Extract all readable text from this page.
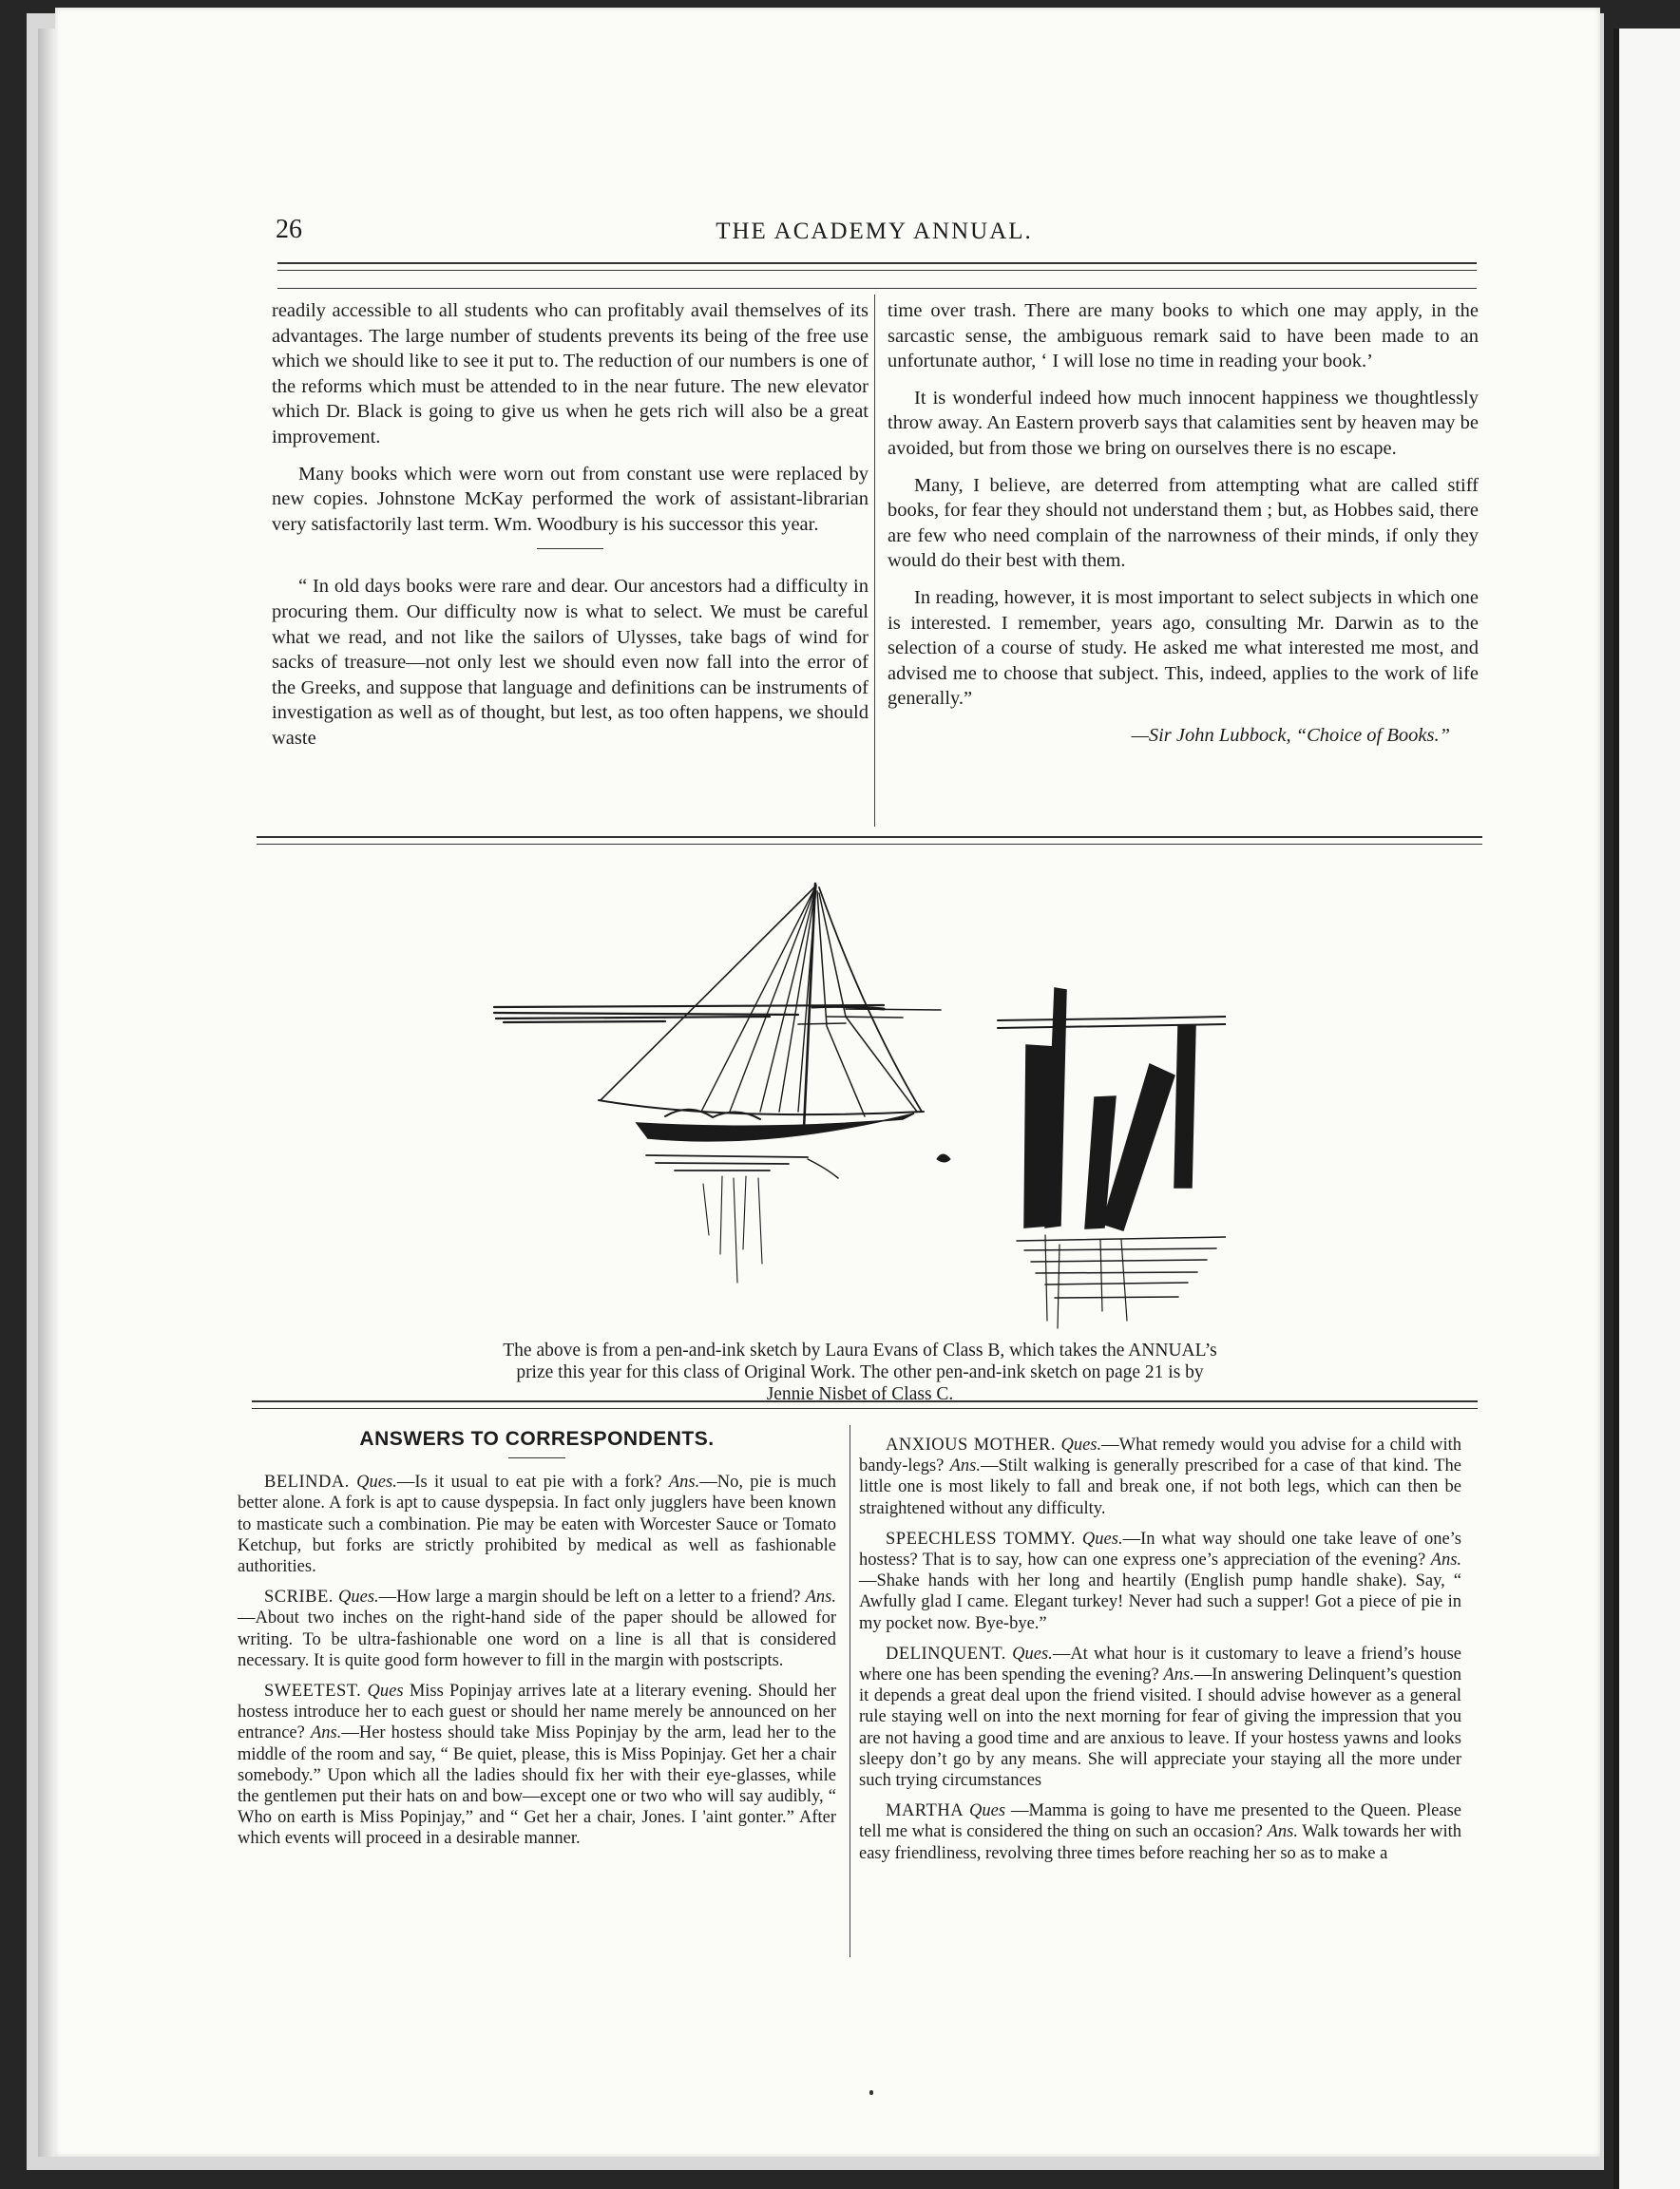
26	THE ACADEMY ANNUAL.

readily accessible to all students who can profitably avail themselves of its advantages. The large number of students prevents its being of the free use which we should like to see it put to. The reduction of our numbers is one of the reforms which must be attended to in the near future. The new elevator which Dr. Black is going to give us when he gets rich will also be a great improvement.

Many books which were worn out from constant use were replaced by new copies. Johnstone McKay performed the work of assistant-librarian very satisfactorily last term. Wm. Woodbury is his successor this year.

“ In old days books were rare and dear. Our ancestors had a difficulty in procuring them. Our difficulty now is what to select. We must be careful what we read, and not like the sailors of Ulysses, take bags of wind for sacks of treasure—not only lest we should even now fall into the error of the Greeks, and suppose that language and definitions can be instruments of investigation as well as of thought, but lest, as too often happens, we should waste

time over trash. There are many books to which one may apply, in the sarcastic sense, the ambiguous remark said to have been made to an unfortunate author, ‘ I will lose no time in reading your book.’

It is wonderful indeed how much innocent happiness we thoughtlessly throw away. An Eastern proverb says that calamities sent by heaven may be avoided, but from those we bring on ourselves there is no escape.

Many, I believe, are deterred from attempting what are called stiff books, for fear they should not understand them ; but, as Hobbes said, there are few who need complain of the narrowness of their minds, if only they would do their best with them.

In reading, however, it is most important to select subjects in which one is interested. I remember, years ago, consulting Mr. Darwin as to the selection of a course of study. He asked me what interested me most, and advised me to choose that subject. This, indeed, applies to the work of life generally.”

—Sir John Lubbock, “Choice of Books.”
The above is from a pen-and-ink sketch by Laura Evans of Class B, which takes the ANNUAL’s prize this year for this class of Original Work. The other pen-and-ink sketch on page 21 is by Jennie Nisbet of Class C.
ANSWERS TO CORRESPONDENTS.

BELINDA. Ques.—Is it usual to eat pie with a fork? Ans.—No, pie is much better alone. A fork is apt to cause dyspepsia. In fact only jugglers have been known to masticate such a combination. Pie may be eaten with Worcester Sauce or Tomato Ketchup, but forks are strictly prohibited by medical as well as fashionable authorities.

SCRIBE. Ques.—How large a margin should be left on a letter to a friend? Ans.—About two inches on the right-hand side of the paper should be allowed for writing. To be ultra-fashionable one word on a line is all that is considered necessary. It is quite good form however to fill in the margin with postscripts.

SWEETEST. Ques Miss Popinjay arrives late at a literary evening. Should her hostess introduce her to each guest or should her name merely be announced on her entrance? Ans.—Her hostess should take Miss Popinjay by the arm, lead her to the middle of the room and say, “ Be quiet, please, this is Miss Popinjay. Get her a chair somebody.” Upon which all the ladies should fix her with their eye-glasses, while the gentlemen put their hats on and bow—except one or two who will say audibly, “ Who on earth is Miss Popinjay,” and “ Get her a chair, Jones. I 'aint gonter.” After which events will proceed in a desirable manner.

ANXIOUS MOTHER. Ques.—What remedy would you advise for a child with bandy-legs? Ans.—Stilt walking is generally prescribed for a case of that kind. The little one is most likely to fall and break one, if not both legs, which can then be straightened without any difficulty.

SPEECHLESS TOMMY. Ques.—In what way should one take leave of one’s hostess? That is to say, how can one express one’s appreciation of the evening? Ans.—Shake hands with her long and heartily (English pump handle shake). Say, “ Awfully glad I came. Elegant turkey! Never had such a supper! Got a piece of pie in my pocket now. Bye-bye.”

DELINQUENT. Ques.—At what hour is it customary to leave a friend’s house where one has been spending the evening? Ans.—In answering Delinquent’s question it depends a great deal upon the friend visited. I should advise however as a general rule staying well on into the next morning for fear of giving the impression that you are not having a good time and are anxious to leave. If your hostess yawns and looks sleepy don’t go by any means. She will appreciate your staying all the more under such trying circumstances

MARTHA Ques —Mamma is going to have me presented to the Queen. Please tell me what is considered the thing on such an occasion? Ans. Walk towards her with easy friendliness, revolving three times before reaching her so as to make a
